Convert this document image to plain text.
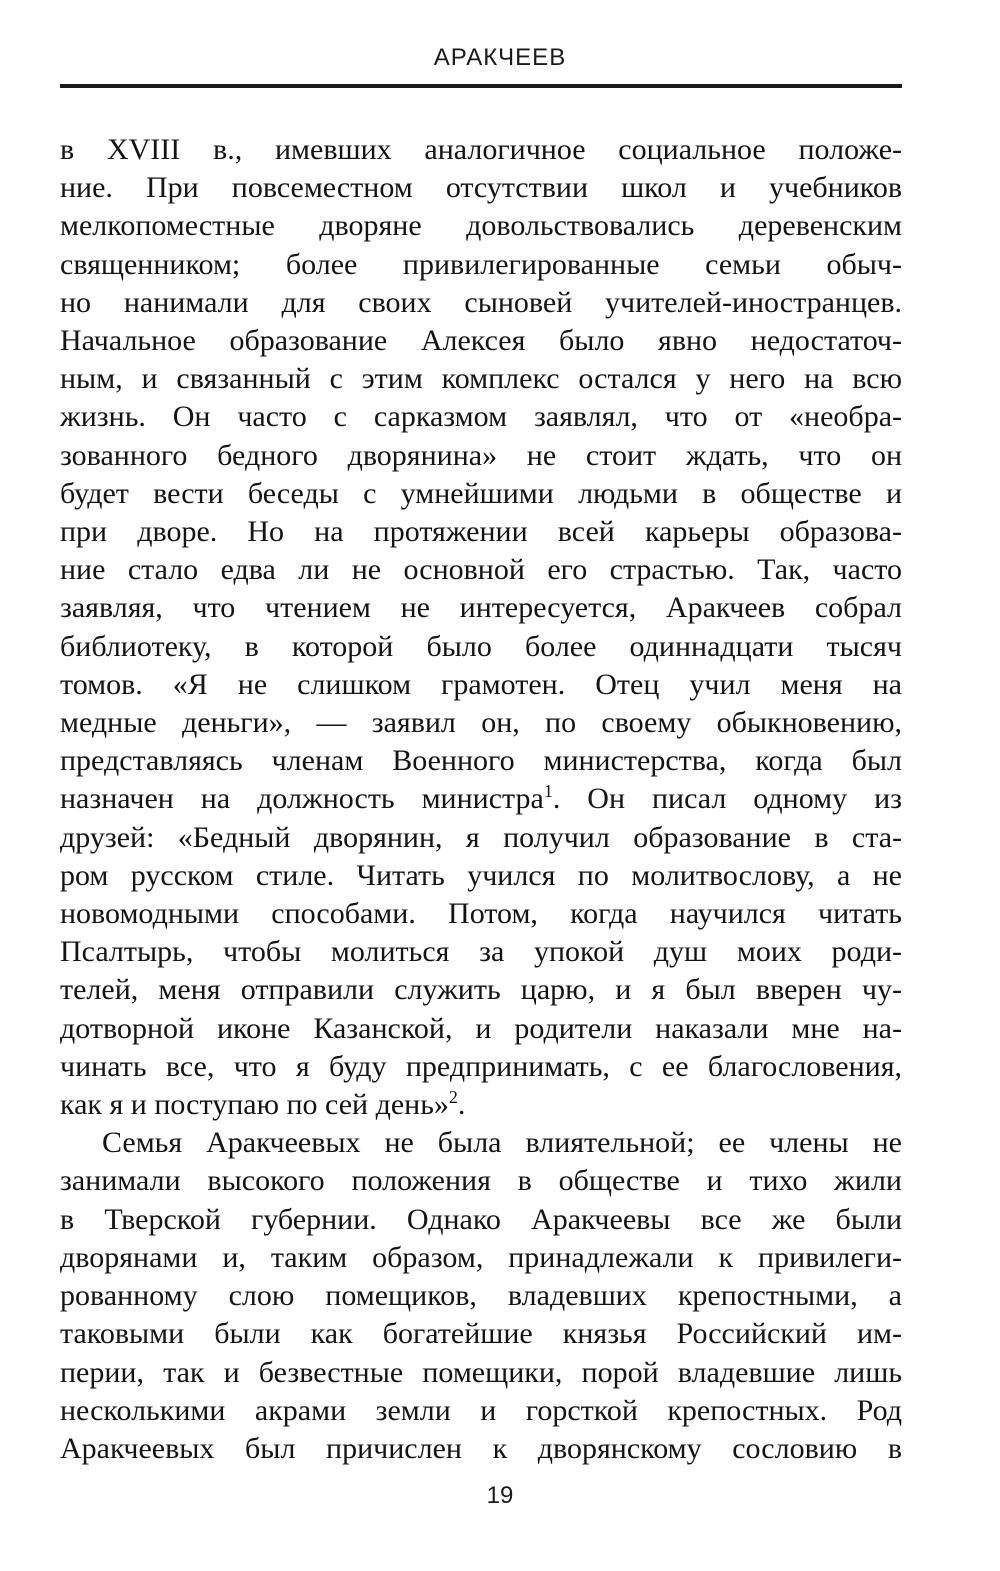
АРАКЧЕЕВ
в XVIII в., имевших аналогичное социальное положе-
ние. При повсеместном отсутствии школ и учебников
мелкопоместные дворяне довольствовались деревенским
священником; более привилегированные семьи обыч-
но нанимали для своих сыновей учителей-иностранцев.
Начальное образование Алексея было явно недостаточ-
ным, и связанный с этим комплекс остался у него на всю
жизнь. Он часто с сарказмом заявлял, что от «необра-
зованного бедного дворянина» не стоит ждать, что он
будет вести беседы с умнейшими людьми в обществе и
при дворе. Но на протяжении всей карьеры образова-
ние стало едва ли не основной его страстью. Так, часто
заявляя, что чтением не интересуется, Аракчеев собрал
библиотеку, в которой было более одиннадцати тысяч
томов. «Я не слишком грамотен. Отец учил меня на
медные деньги», — заявил он, по своему обыкновению,
представляясь членам Военного министерства, когда был
назначен на должность министра$^1$. Он писал одному из
друзей: «Бедный дворянин, я получил образование в ста-
ром русском стиле. Читать учился по молитвослову, а не
новомодными способами. Потом, когда научился читать
Псалтырь, чтобы молиться за упокой душ моих роди-
телей, меня отправили служить царю, и я был вверен чу-
дотворной иконе Казанской, и родители наказали мне на-
чинать все, что я буду предпринимать, с ее благословения,
как я и поступаю по сей день»$^2$.
Семья Аракчеевых не была влиятельной; ее члены не
занимали высокого положения в обществе и тихо жили
в Тверской губернии. Однако Аракчеевы все же были
дворянами и, таким образом, принадлежали к привилеги-
рованному слою помещиков, владевших крепостными, а
таковыми были как богатейшие князья Российский им-
перии, так и безвестные помещики, порой владевшие лишь
несколькими акрами земли и горсткой крепостных. Род
Аракчеевых был причислен к дворянскому сословию в
19
